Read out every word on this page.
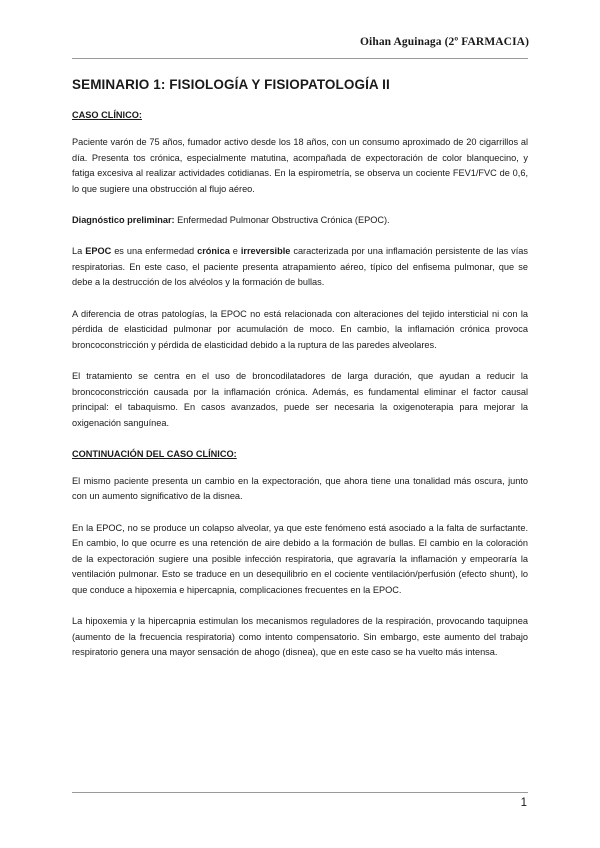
Oihan Aguinaga (2º FARMACIA)
SEMINARIO 1: FISIOLOGÍA Y FISIOPATOLOGÍA II
CASO CLÍNICO:
Paciente varón de 75 años, fumador activo desde los 18 años, con un consumo aproximado de 20 cigarrillos al día. Presenta tos crónica, especialmente matutina, acompañada de expectoración de color blanquecino, y fatiga excesiva al realizar actividades cotidianas. En la espirometría, se observa un cociente FEV1/FVC de 0,6, lo que sugiere una obstrucción al flujo aéreo.
Diagnóstico preliminar: Enfermedad Pulmonar Obstructiva Crónica (EPOC).
La EPOC es una enfermedad crónica e irreversible caracterizada por una inflamación persistente de las vías respiratorias. En este caso, el paciente presenta atrapamiento aéreo, típico del enfisema pulmonar, que se debe a la destrucción de los alvéolos y la formación de bullas.
A diferencia de otras patologías, la EPOC no está relacionada con alteraciones del tejido intersticial ni con la pérdida de elasticidad pulmonar por acumulación de moco. En cambio, la inflamación crónica provoca broncoconstricción y pérdida de elasticidad debido a la ruptura de las paredes alveolares.
El tratamiento se centra en el uso de broncodilatadores de larga duración, que ayudan a reducir la broncoconstricción causada por la inflamación crónica. Además, es fundamental eliminar el factor causal principal: el tabaquismo. En casos avanzados, puede ser necesaria la oxigenoterapia para mejorar la oxigenación sanguínea.
CONTINUACIÓN DEL CASO CLÍNICO:
El mismo paciente presenta un cambio en la expectoración, que ahora tiene una tonalidad más oscura, junto con un aumento significativo de la disnea.
En la EPOC, no se produce un colapso alveolar, ya que este fenómeno está asociado a la falta de surfactante. En cambio, lo que ocurre es una retención de aire debido a la formación de bullas. El cambio en la coloración de la expectoración sugiere una posible infección respiratoria, que agravaría la inflamación y empeoraría la ventilación pulmonar. Esto se traduce en un desequilibrio en el cociente ventilación/perfusión (efecto shunt), lo que conduce a hipoxemia e hipercapnia, complicaciones frecuentes en la EPOC.
La hipoxemia y la hipercapnia estimulan los mecanismos reguladores de la respiración, provocando taquipnea (aumento de la frecuencia respiratoria) como intento compensatorio. Sin embargo, este aumento del trabajo respiratorio genera una mayor sensación de ahogo (disnea), que en este caso se ha vuelto más intensa.
1
